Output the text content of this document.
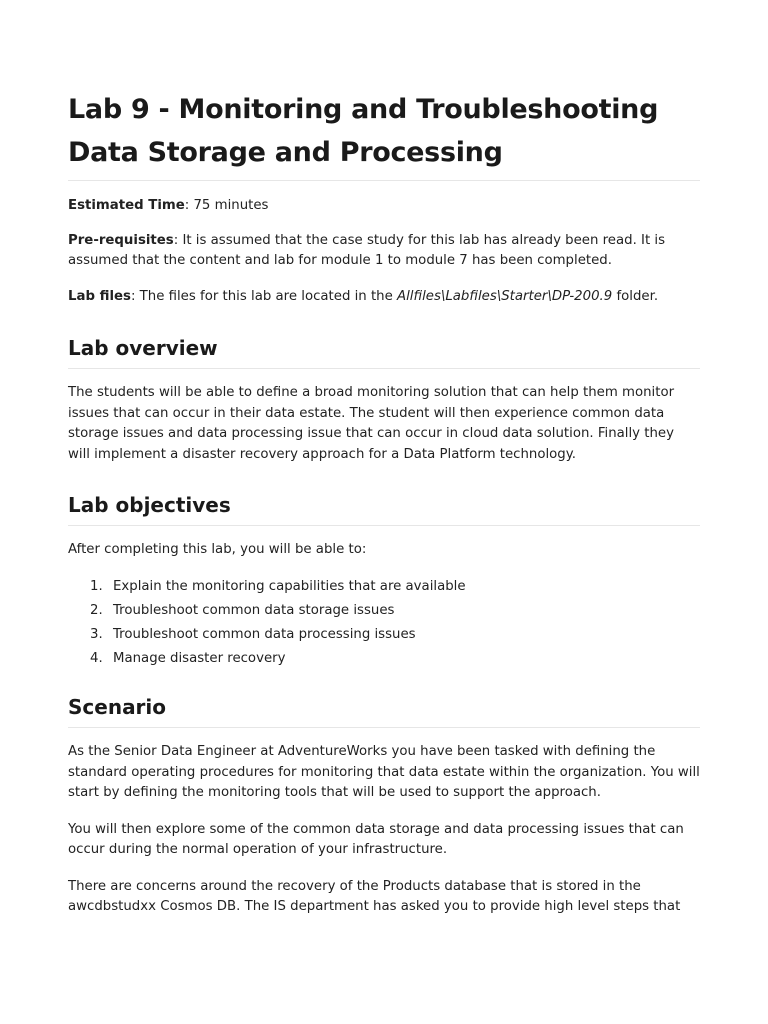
Lab 9 - Monitoring and Troubleshooting Data Storage and Processing

Estimated Time: 75 minutes

Pre-requisites: It is assumed that the case study for this lab has already been read. It is assumed that the content and lab for module 1 to module 7 has been completed.

Lab files: The files for this lab are located in the Allfiles\Labfiles\Starter\DP-200.9 folder.

Lab overview

The students will be able to define a broad monitoring solution that can help them monitor issues that can occur in their data estate. The student will then experience common data storage issues and data processing issue that can occur in cloud data solution. Finally they will implement a disaster recovery approach for a Data Platform technology.

Lab objectives

After completing this lab, you will be able to:

1. Explain the monitoring capabilities that are available
2. Troubleshoot common data storage issues
3. Troubleshoot common data processing issues
4. Manage disaster recovery
Scenario

As the Senior Data Engineer at AdventureWorks you have been tasked with defining the standard operating procedures for monitoring that data estate within the organization. You will start by defining the monitoring tools that will be used to support the approach.

You will then explore some of the common data storage and data processing issues that can occur during the normal operation of your infrastructure.

There are concerns around the recovery of the Products database that is stored in the awcdbstudxx Cosmos DB. The IS department has asked you to provide high level steps that
